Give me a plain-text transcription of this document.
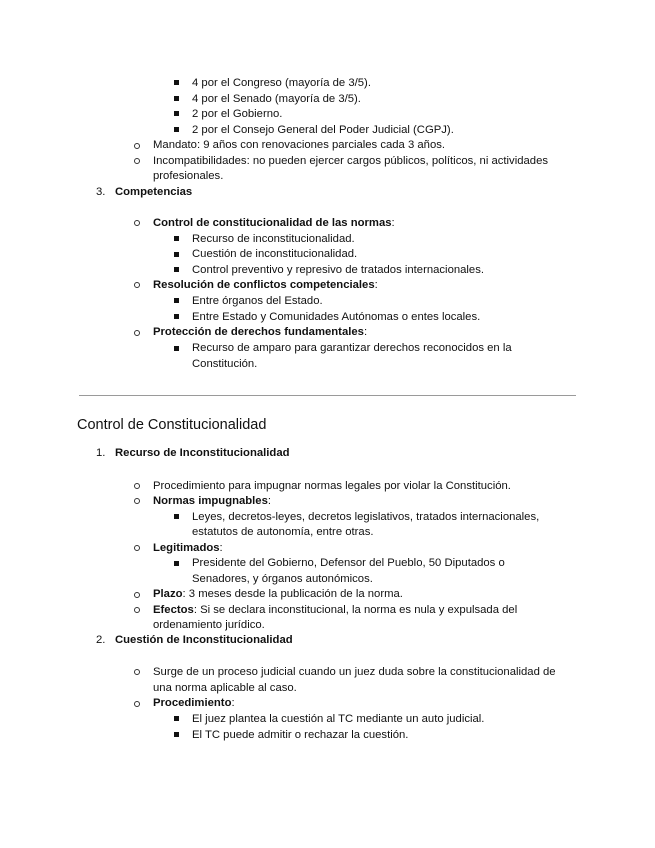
4 por el Congreso (mayoría de 3/5).
4 por el Senado (mayoría de 3/5).
2 por el Gobierno.
2 por el Consejo General del Poder Judicial (CGPJ).
Mandato: 9 años con renovaciones parciales cada 3 años.
Incompatibilidades: no pueden ejercer cargos públicos, políticos, ni actividades
profesionales.
3. Competencias
Control de constitucionalidad de las normas:
Recurso de inconstitucionalidad.
Cuestión de inconstitucionalidad.
Control preventivo y represivo de tratados internacionales.
Resolución de conflictos competenciales:
Entre órganos del Estado.
Entre Estado y Comunidades Autónomas o entes locales.
Protección de derechos fundamentales:
Recurso de amparo para garantizar derechos reconocidos en la
Constitución.
Control de Constitucionalidad
1. Recurso de Inconstitucionalidad
Procedimiento para impugnar normas legales por violar la Constitución.
Normas impugnables:
Leyes, decretos-leyes, decretos legislativos, tratados internacionales,
estatutos de autonomía, entre otras.
Legitimados:
Presidente del Gobierno, Defensor del Pueblo, 50 Diputados o
Senadores, y órganos autonómicos.
Plazo: 3 meses desde la publicación de la norma.
Efectos: Si se declara inconstitucional, la norma es nula y expulsada del
ordenamiento jurídico.
2. Cuestión de Inconstitucionalidad
Surge de un proceso judicial cuando un juez duda sobre la constitucionalidad de
una norma aplicable al caso.
Procedimiento:
El juez plantea la cuestión al TC mediante un auto judicial.
El TC puede admitir o rechazar la cuestión.
